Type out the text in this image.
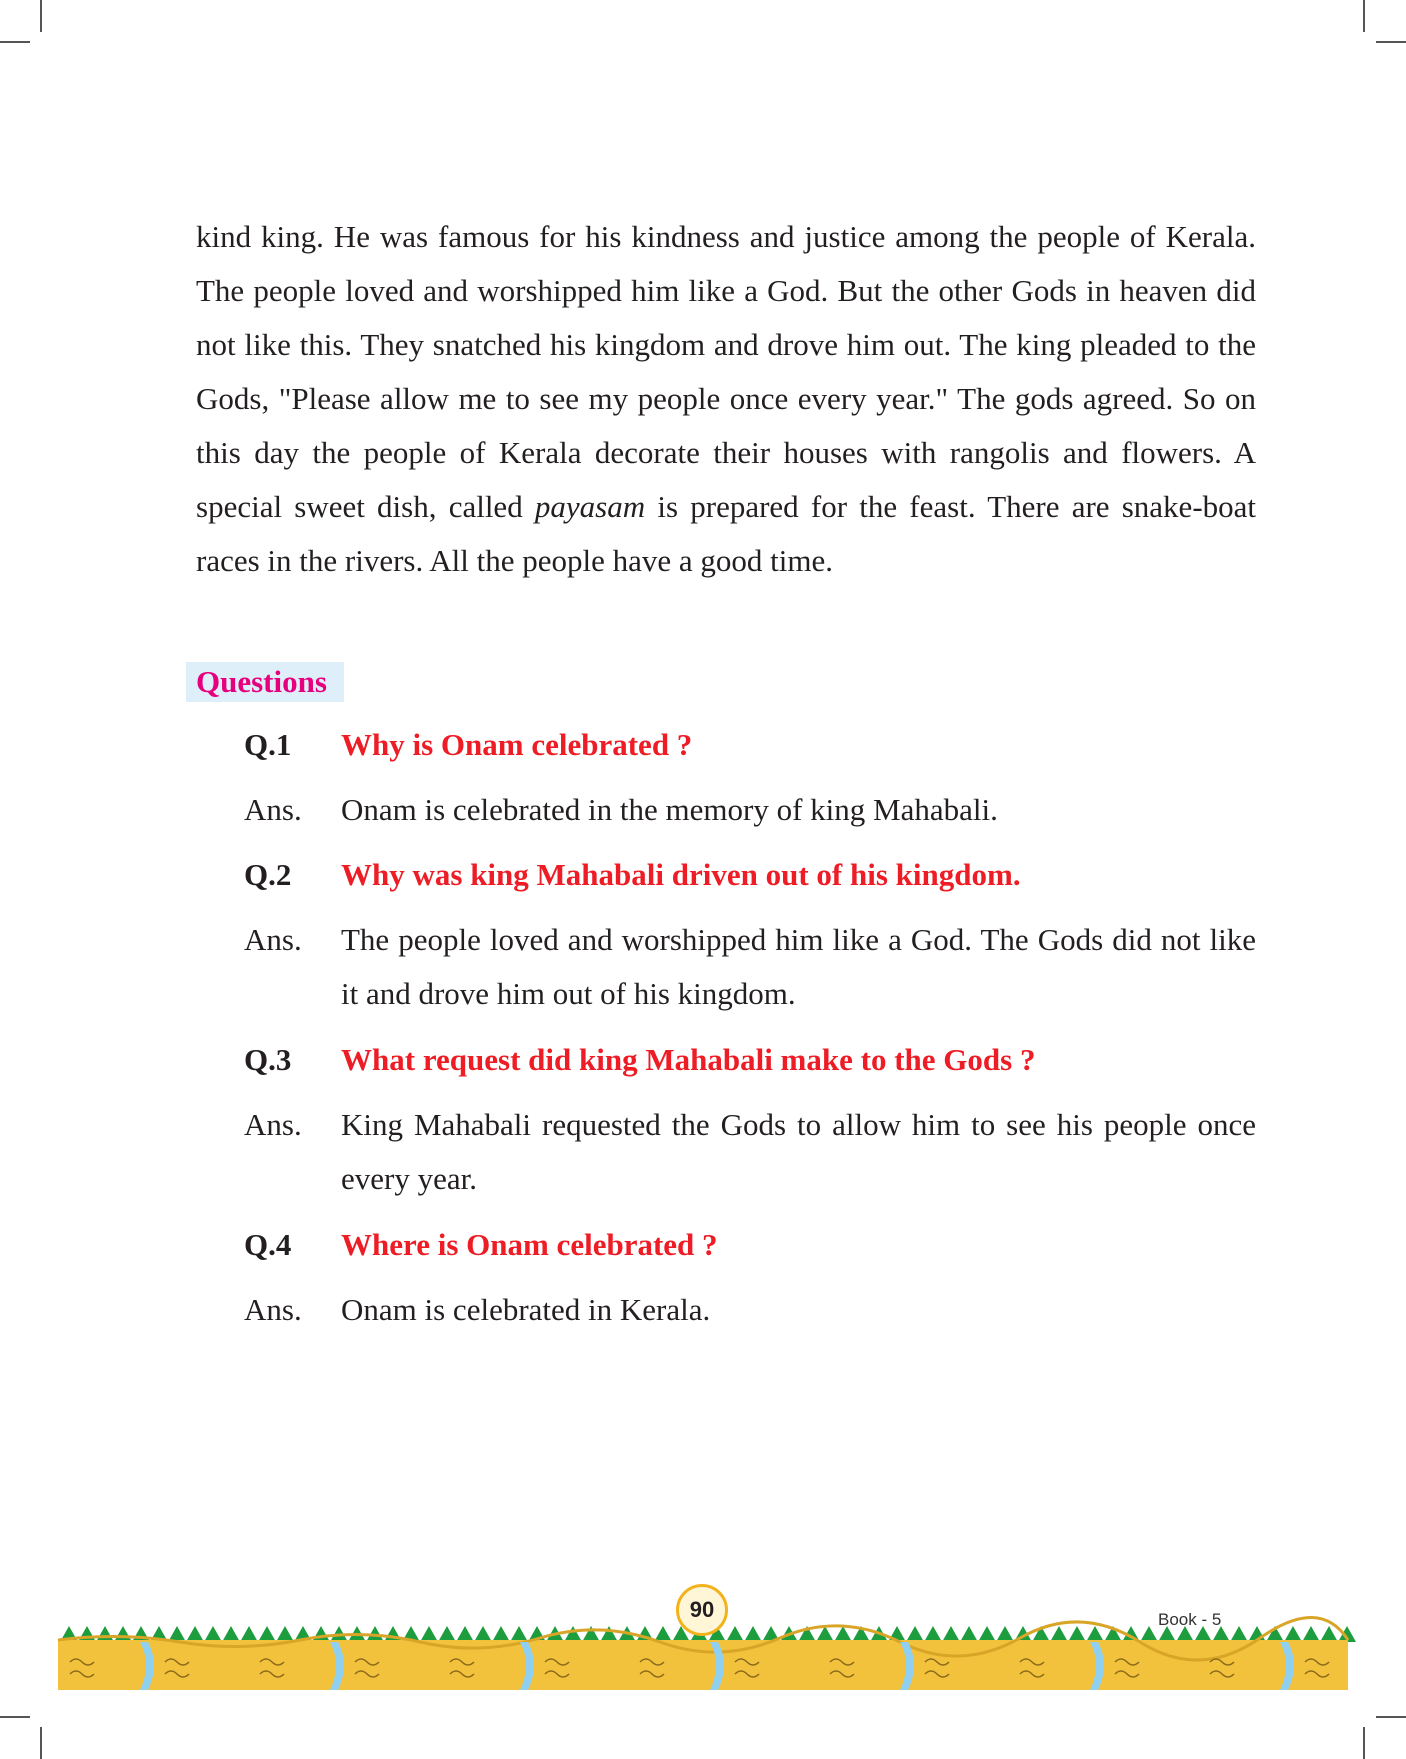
kind king. He was famous for his kindness and justice among the people of Kerala. The people loved and worshipped him like a God. But the other Gods in heaven did not like this. They snatched his kingdom and drove him out. The king pleaded to the Gods, "Please allow me to see my people once every year." The gods agreed. So on this day the people of Kerala decorate their houses with rangolis and flowers. A special sweet dish, called payasam is prepared for the feast. There are snake-boat races in the rivers. All the people have a good time.

Questions
Q.1	Why is Onam celebrated ?
Ans.	Onam is celebrated in the memory of king Mahabali.
Q.2	Why was king Mahabali driven out of his kingdom.
Ans.	The people loved and worshipped him like a God. The Gods did not like it and drove him out of his kingdom.
Q.3	What request did king Mahabali make to the Gods ?
Ans.	King Mahabali requested the Gods to allow him to see his people once every year.
Q.4	Where is Onam celebrated ?
Ans.	Onam is celebrated in Kerala.
90	Book - 5
